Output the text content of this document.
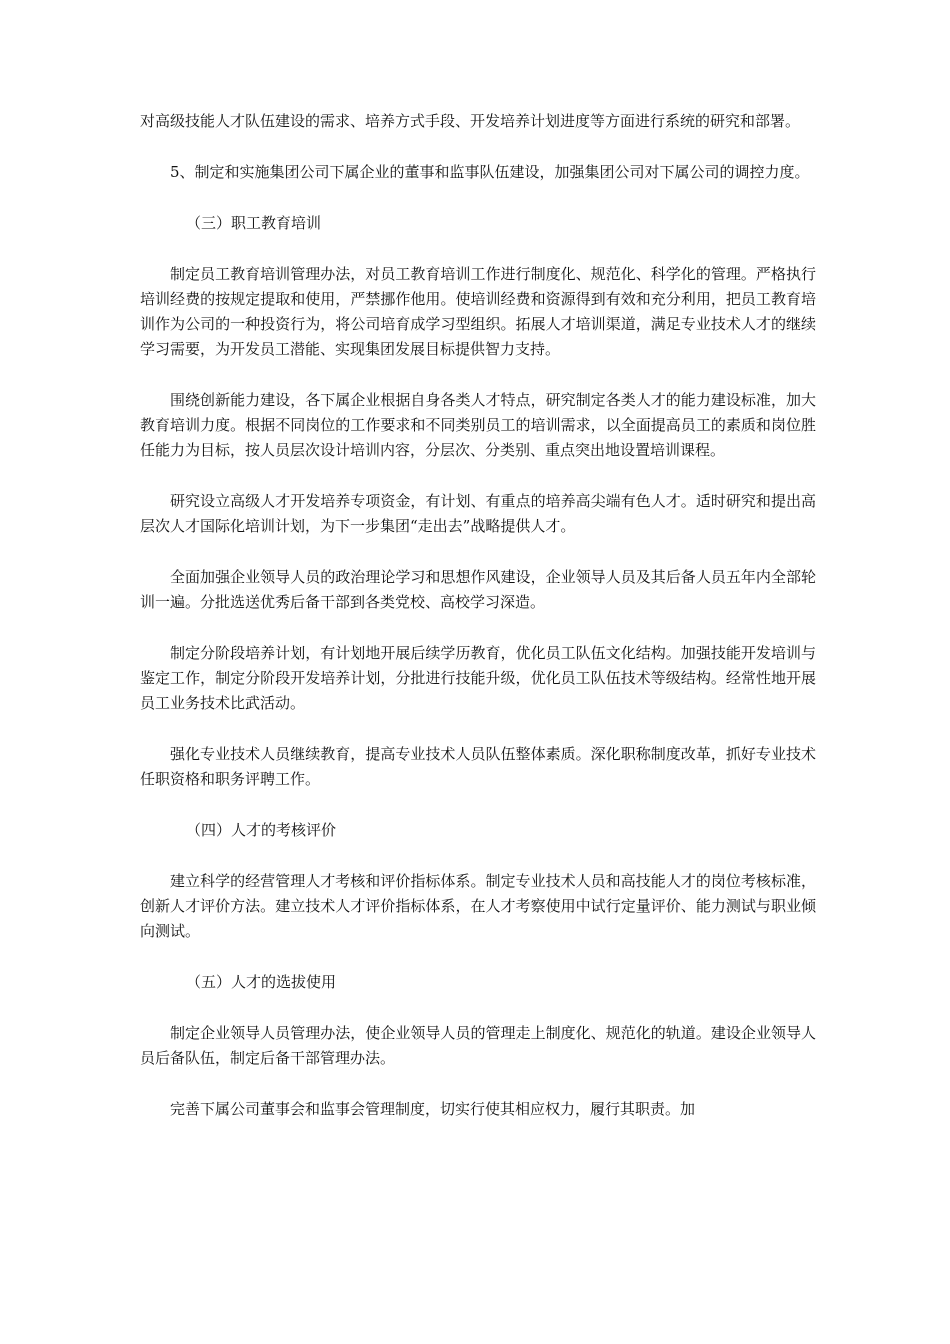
对高级技能人才队伍建设的需求、培养方式手段、开发培养计划进度等方面进行系统的研究和部署。

5、制定和实施集团公司下属企业的董事和监事队伍建设，加强集团公司对下属公司的调控力度。

（三）职工教育培训

制定员工教育培训管理办法，对员工教育培训工作进行制度化、规范化、科学化的管理。严格执行培训经费的按规定提取和使用，严禁挪作他用。使培训经费和资源得到有效和充分利用，把员工教育培训作为公司的一种投资行为，将公司培育成学习型组织。拓展人才培训渠道，满足专业技术人才的继续学习需要，为开发员工潜能、实现集团发展目标提供智力支持。

围绕创新能力建设，各下属企业根据自身各类人才特点，研究制定各类人才的能力建设标准，加大教育培训力度。根据不同岗位的工作要求和不同类别员工的培训需求，以全面提高员工的素质和岗位胜任能力为目标，按人员层次设计培训内容，分层次、分类别、重点突出地设置培训课程。

研究设立高级人才开发培养专项资金，有计划、有重点的培养高尖端有色人才。适时研究和提出高层次人才国际化培训计划，为下一步集团“走出去”战略提供人才。

全面加强企业领导人员的政治理论学习和思想作风建设，企业领导人员及其后备人员五年内全部轮训一遍。分批选送优秀后备干部到各类党校、高校学习深造。

制定分阶段培养计划，有计划地开展后续学历教育，优化员工队伍文化结构。加强技能开发培训与鉴定工作，制定分阶段开发培养计划，分批进行技能升级，优化员工队伍技术等级结构。经常性地开展员工业务技术比武活动。

强化专业技术人员继续教育，提高专业技术人员队伍整体素质。深化职称制度改革，抓好专业技术任职资格和职务评聘工作。

（四）人才的考核评价

建立科学的经营管理人才考核和评价指标体系。制定专业技术人员和高技能人才的岗位考核标准，创新人才评价方法。建立技术人才评价指标体系，在人才考察使用中试行定量评价、能力测试与职业倾向测试。

（五）人才的选拔使用

制定企业领导人员管理办法，使企业领导人员的管理走上制度化、规范化的轨道。建设企业领导人员后备队伍，制定后备干部管理办法。

完善下属公司董事会和监事会管理制度，切实行使其相应权力，履行其职责。加
